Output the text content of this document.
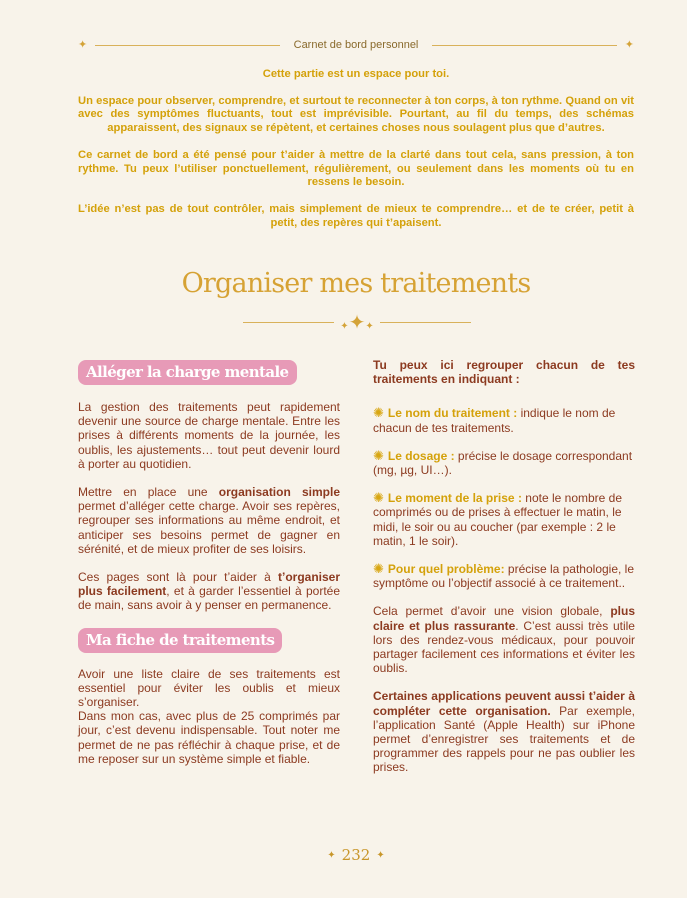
✦	Carnet de bord personnel	✦

Cette partie est un espace pour toi.

Un espace pour observer, comprendre, et surtout te reconnecter à ton corps, à ton rythme. Quand on vit avec des symptômes fluctuants, tout est imprévisible. Pourtant, au fil du temps, des schémas apparaissent, des signaux se répètent, et certaines choses nous soulagent plus que d’autres.

Ce carnet de bord a été pensé pour t’aider à mettre de la clarté dans tout cela, sans pression, à ton rythme. Tu peux l’utiliser ponctuellement, régulièrement, ou seulement dans les moments où tu en ressens le besoin.

L’idée n’est pas de tout contrôler, mais simplement de mieux te comprendre… et de te créer, petit à petit, des repères qui t’apaisent.

Organiser mes traitements
✦✦✦
Alléger la charge mentale

La gestion des traitements peut rapidement devenir une source de charge mentale. Entre les prises à différents moments de la journée, les oublis, les ajustements… tout peut devenir lourd à porter au quotidien.

Mettre en place une organisation simple permet d’alléger cette charge. Avoir ses repères, regrouper ses informations au même endroit, et anticiper ses besoins permet de gagner en sérénité, et de mieux profiter de ses loisirs.

Ces pages sont là pour t’aider à t’organiser plus facilement, et à garder l’essentiel à portée de main, sans avoir à y penser en permanence.

Ma fiche de traitements

Avoir une liste claire de ses traitements est essentiel pour éviter les oublis et mieux s’organiser.

Dans mon cas, avec plus de 25 comprimés par jour, c’est devenu indispensable. Tout noter me permet de ne pas réfléchir à chaque prise, et de me reposer sur un système simple et fiable.

Tu peux ici regrouper chacun de tes traitements en indiquant :

✺ Le nom du traitement : indique le nom de chacun de tes traitements.

✺ Le dosage : précise le dosage correspondant (mg, µg, UI…).

✺ Le moment de la prise : note le nombre de comprimés ou de prises à effectuer le matin, le midi, le soir ou au coucher (par exemple : 2 le matin, 1 le soir).

✺ Pour quel problème: précise la pathologie, le symptôme ou l’objectif associé à ce traitement..

Cela permet d’avoir une vision globale, plus claire et plus rassurante. C’est aussi très utile lors des rendez-vous médicaux, pour pouvoir partager facilement ces informations et éviter les oublis.

Certaines applications peuvent aussi t’aider à compléter cette organisation. Par exemple, l’application Santé (Apple Health) sur iPhone permet d’enregistrer ses traitements et de programmer des rappels pour ne pas oublier les prises.

✦ 232 ✦
